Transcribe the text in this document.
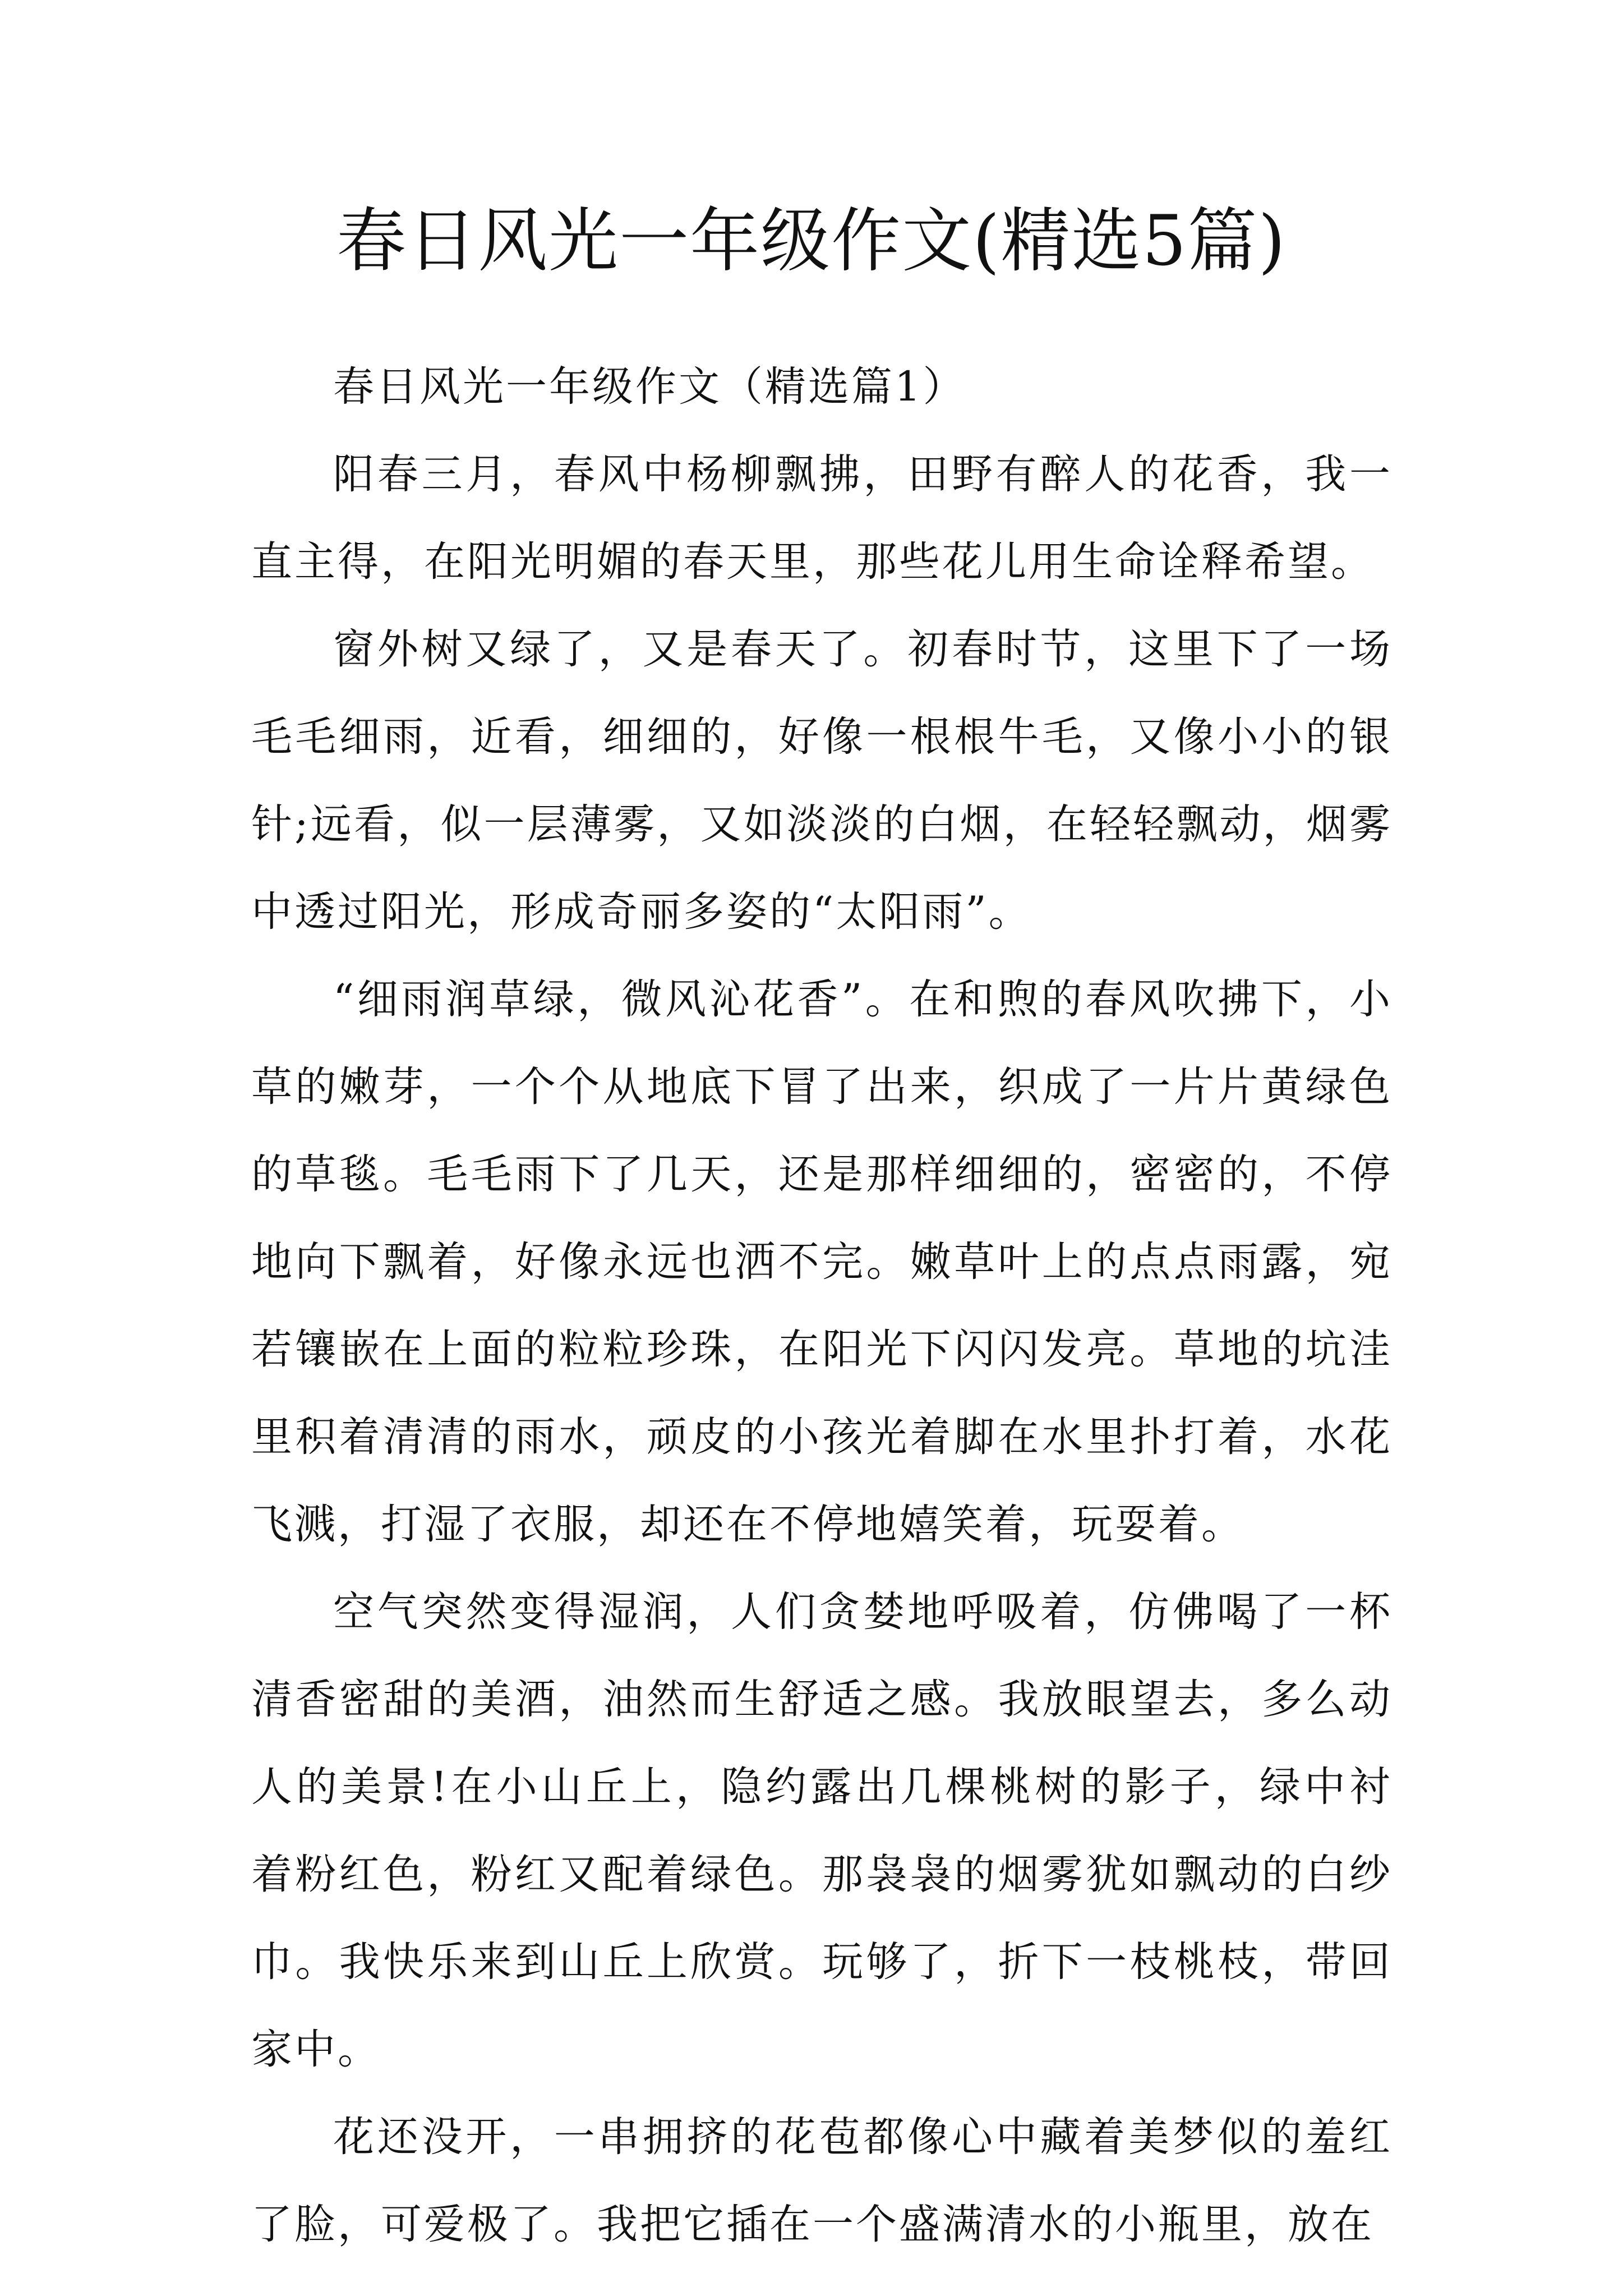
春日风光一年级作文(精选5篇)

春日风光一年级作文（精选篇1）

阳春三月，春风中杨柳飘拂，田野有醉人的花香，我一直主得，在阳光明媚的春天里，那些花儿用生命诠释希望。

窗外树又绿了，又是春天了。初春时节，这里下了一场毛毛细雨，近看，细细的，好像一根根牛毛，又像小小的银针;远看，似一层薄雾，又如淡淡的白烟，在轻轻飘动，烟雾中透过阳光，形成奇丽多姿的“太阳雨”。

“细雨润草绿，微风沁花香”。在和煦的春风吹拂下，小草的嫩芽，一个个从地底下冒了出来，织成了一片片黄绿色的草毯。毛毛雨下了几天，还是那样细细的，密密的，不停地向下飘着，好像永远也洒不完。嫩草叶上的点点雨露，宛若镶嵌在上面的粒粒珍珠，在阳光下闪闪发亮。草地的坑洼里积着清清的雨水，顽皮的小孩光着脚在水里扑打着，水花飞溅，打湿了衣服，却还在不停地嬉笑着，玩耍着。

空气突然变得湿润，人们贪婪地呼吸着，仿佛喝了一杯清香密甜的美酒，油然而生舒适之感。我放眼望去，多么动人的美景!在小山丘上，隐约露出几棵桃树的影子，绿中衬着粉红色，粉红又配着绿色。那袅袅的烟雾犹如飘动的白纱巾。我快乐来到山丘上欣赏。玩够了，折下一枝桃枝，带回家中。

花还没开，一串拥挤的花苞都像心中藏着美梦似的羞红了脸，可爱极了。我把它插在一个盛满清水的小瓶里，放在
